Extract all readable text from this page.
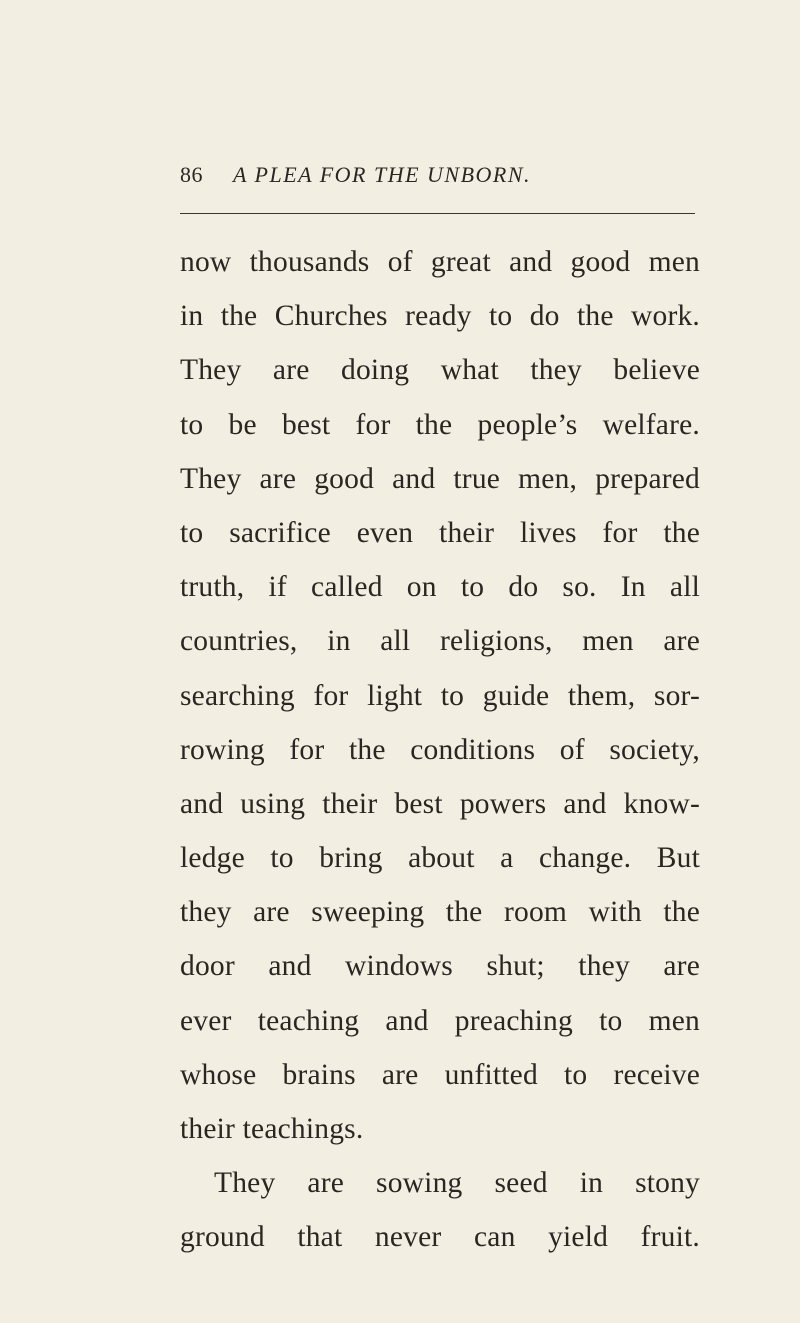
86 A PLEA FOR THE UNBORN.
now thousands of great and good men
in the Churches ready to do the work.
They are doing what they believe
to be best for the people’s welfare.
They are good and true men, prepared
to sacrifice even their lives for the
truth, if called on to do so. In all
countries, in all religions, men are
searching for light to guide them, sor-
rowing for the conditions of society,
and using their best powers and know-
ledge to bring about a change. But
they are sweeping the room with the
door and windows shut; they are
ever teaching and preaching to men
whose brains are unfitted to receive
their teachings.
They are sowing seed in stony
ground that never can yield fruit.
